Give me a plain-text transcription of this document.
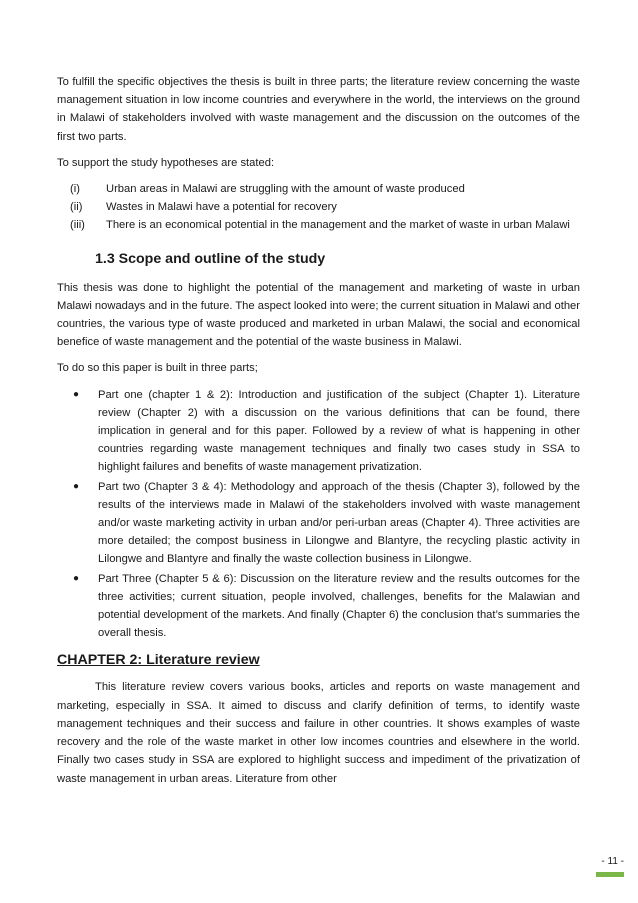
To fulfill the specific objectives the thesis is built in three parts; the literature review concerning the waste management situation in low income countries and everywhere in the world, the interviews on the ground in Malawi of stakeholders involved with waste management and the discussion on the outcomes of the first two parts.

To support the study hypotheses are stated:

(i)	Urban areas in Malawi are struggling with the amount of waste produced
(ii)	Wastes in Malawi have a potential for recovery
(iii)	There is an economical potential in the management and the market of waste in urban Malawi
1.3 Scope and outline of the study

This thesis was done to highlight the potential of the management and marketing of waste in urban Malawi nowadays and in the future. The aspect looked into were; the current situation in Malawi and other countries, the various type of waste produced and marketed in urban Malawi, the social and economical benefice of waste management and the potential of the waste business in Malawi.

To do so this paper is built in three parts;

●	Part one (chapter 1 & 2): Introduction and justification of the subject (Chapter 1). Literature review (Chapter 2) with a discussion on the various definitions that can be found, there implication in general and for this paper. Followed by a review of what is happening in other countries regarding waste management techniques and finally two cases study in SSA to highlight failures and benefits of waste management privatization.
●	Part two (Chapter 3 & 4): Methodology and approach of the thesis (Chapter 3), followed by the results of the interviews made in Malawi of the stakeholders involved with waste management and/or waste marketing activity in urban and/or peri-urban areas (Chapter 4). Three activities are more detailed; the compost business in Lilongwe and Blantyre, the recycling plastic activity in Lilongwe and Blantyre and finally the waste collection business in Lilongwe.
●	Part Three (Chapter 5 & 6): Discussion on the literature review and the results outcomes for the three activities; current situation, people involved, challenges, benefits for the Malawian and potential development of the markets. And finally (Chapter 6) the conclusion that’s summaries the overall thesis.
CHAPTER 2: Literature review

This literature review covers various books, articles and reports on waste management and marketing, especially in SSA. It aimed to discuss and clarify definition of terms, to identify waste management techniques and their success and failure in other countries. It shows examples of waste recovery and the role of the waste market in other low incomes countries and elsewhere in the world. Finally two cases study in SSA are explored to highlight success and impediment of the privatization of waste management in urban areas. Literature from other

- 11 -
